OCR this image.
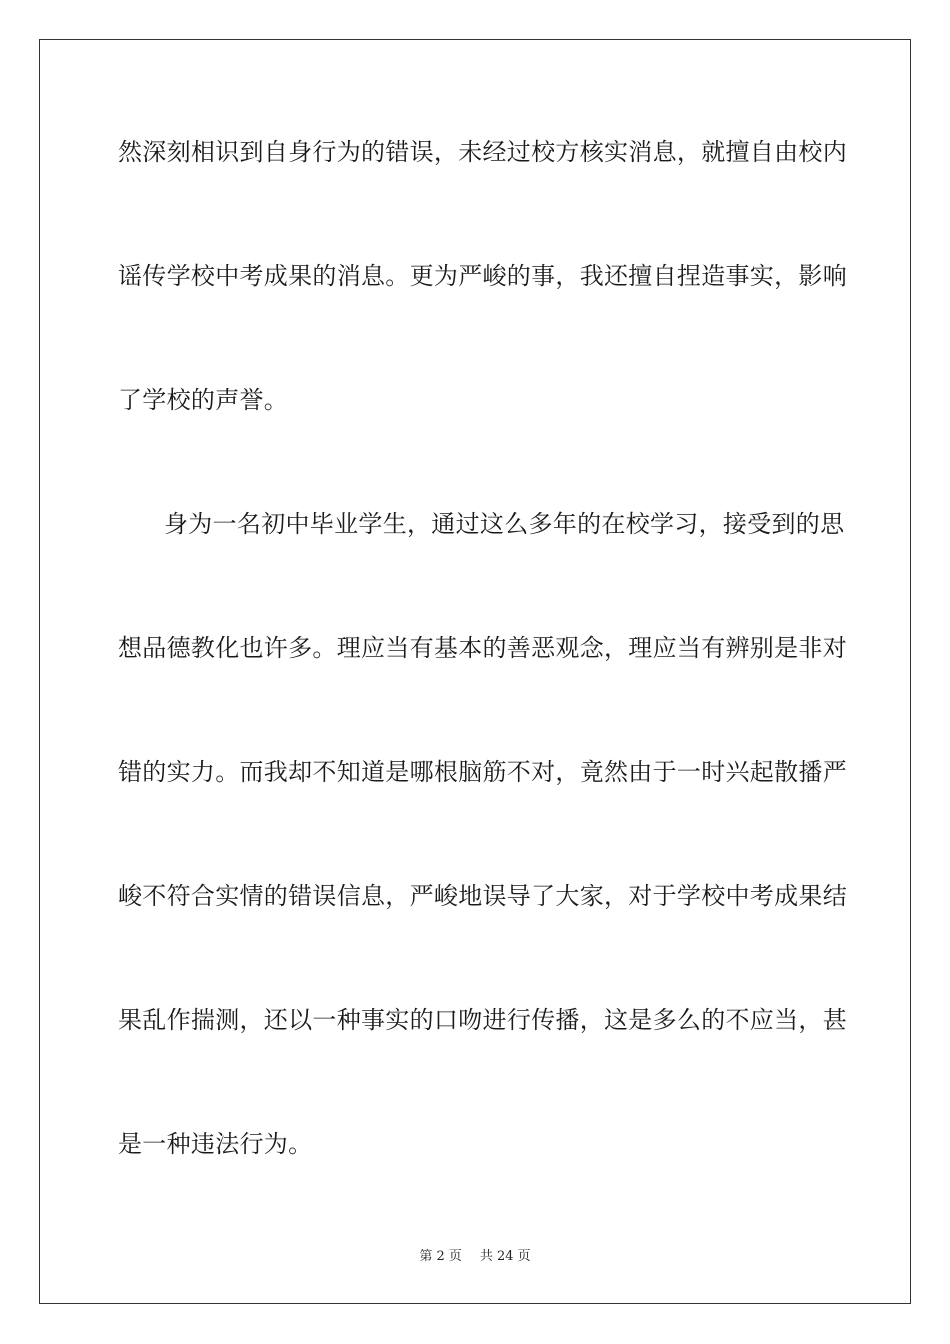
然深刻相识到自身行为的错误，未经过校方核实消息，就擅自由校内
谣传学校中考成果的消息。更为严峻的事，我还擅自捏造事实，影响
了学校的声誉。
身为一名初中毕业学生，通过这么多年的在校学习，接受到的思
想品德教化也许多。理应当有基本的善恶观念，理应当有辨别是非对
错的实力。而我却不知道是哪根脑筋不对，竟然由于一时兴起散播严
峻不符合实情的错误信息，严峻地误导了大家，对于学校中考成果结
果乱作揣测，还以一种事实的口吻进行传播，这是多么的不应当，甚
是一种违法行为。
第 2 页 共 24 页
